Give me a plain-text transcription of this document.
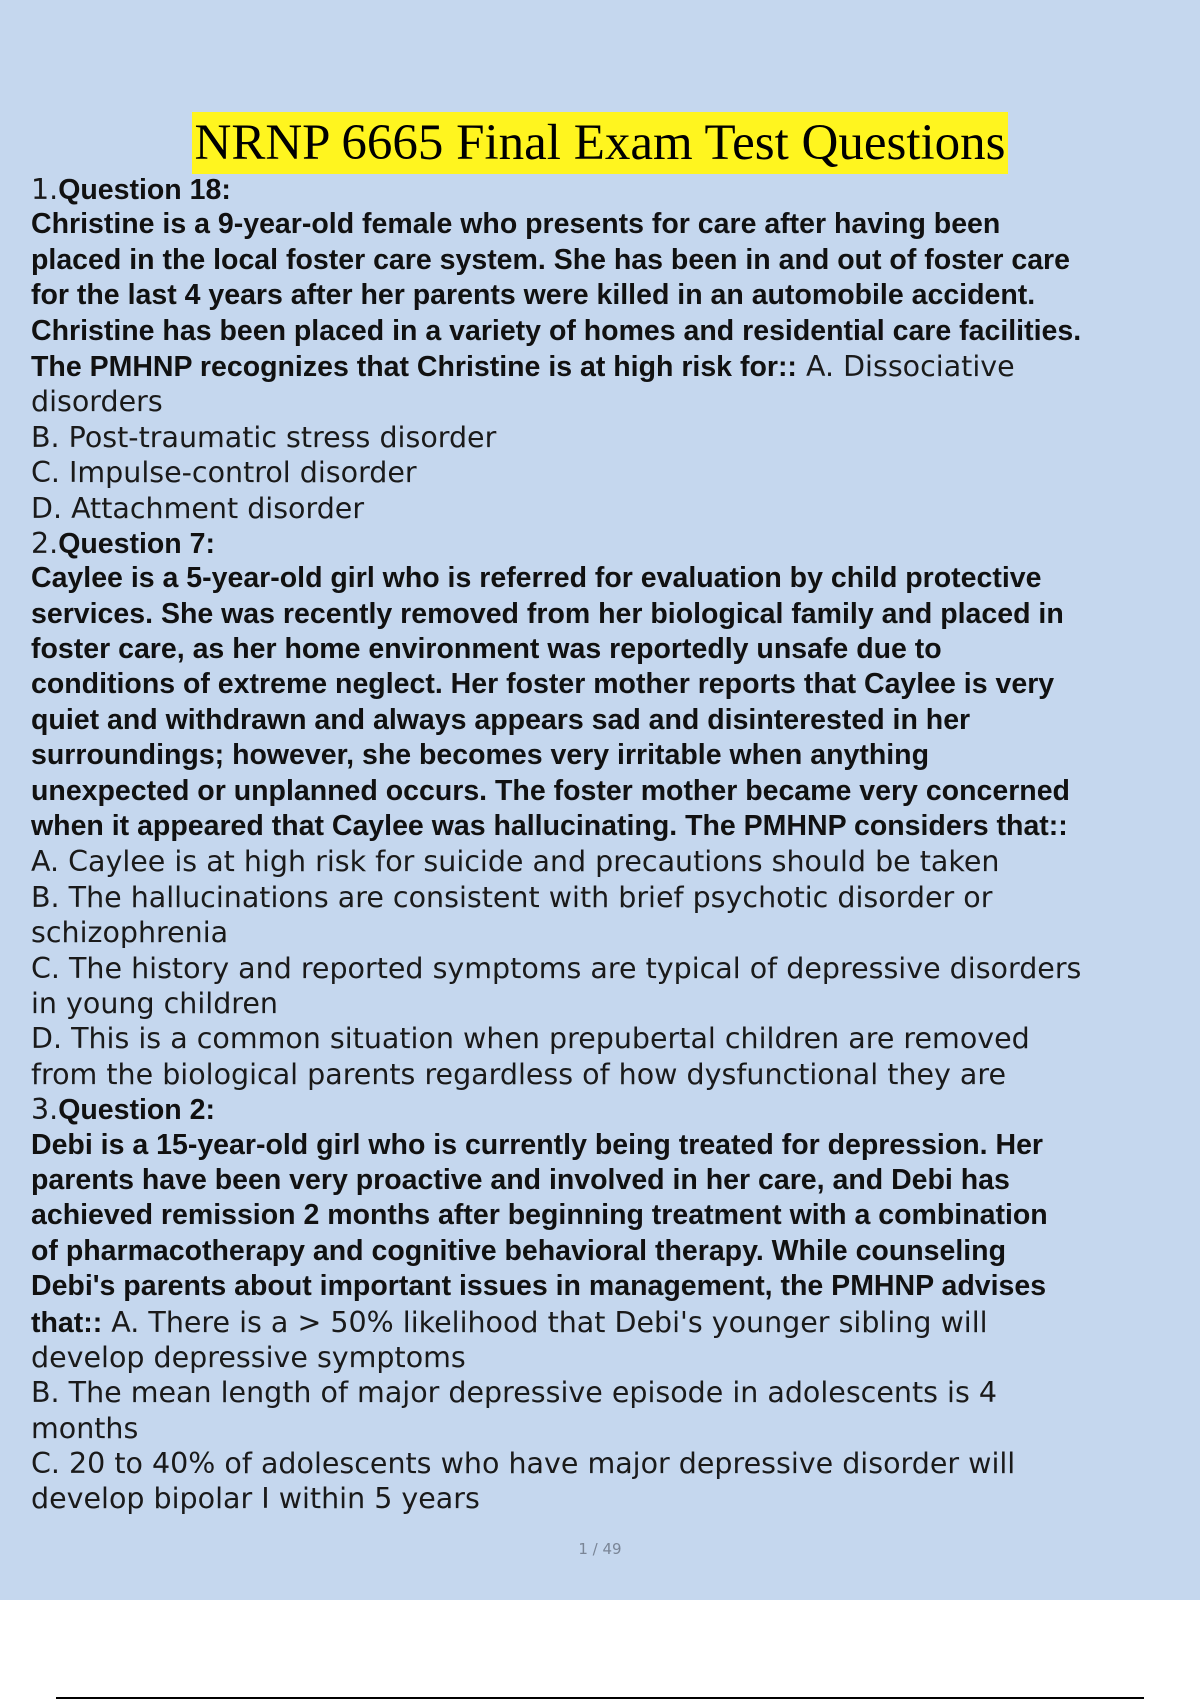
NRNP 6665 Final Exam Test Questions
1.Question 18:
Christine is a 9-year-old female who presents for care after having been
placed in the local foster care system. She has been in and out of foster care
for the last 4 years after her parents were killed in an automobile accident.
Christine has been placed in a variety of homes and residential care facilities.
The PMHNP recognizes that Christine is at high risk for:: A. Dissociative
disorders
B. Post-traumatic stress disorder
C. Impulse-control disorder
D. Attachment disorder
2.Question 7:
Caylee is a 5-year-old girl who is referred for evaluation by child protective
services. She was recently removed from her biological family and placed in
foster care, as her home environment was reportedly unsafe due to
conditions of extreme neglect. Her foster mother reports that Caylee is very
quiet and withdrawn and always appears sad and disinterested in her
surroundings; however, she becomes very irritable when anything
unexpected or unplanned occurs. The foster mother became very concerned
when it appeared that Caylee was hallucinating. The PMHNP considers that::
A. Caylee is at high risk for suicide and precautions should be taken
B. The hallucinations are consistent with brief psychotic disorder or
schizophrenia
C. The history and reported symptoms are typical of depressive disorders
in young children
D. This is a common situation when prepubertal children are removed
from the biological parents regardless of how dysfunctional they are
3.Question 2:
Debi is a 15-year-old girl who is currently being treated for depression. Her
parents have been very proactive and involved in her care, and Debi has
achieved remission 2 months after beginning treatment with a combination
of pharmacotherapy and cognitive behavioral therapy. While counseling
Debi's parents about important issues in management, the PMHNP advises
that:: A. There is a > 50% likelihood that Debi's younger sibling will
develop depressive symptoms
B. The mean length of major depressive episode in adolescents is 4
months
C. 20 to 40% of adolescents who have major depressive disorder will
develop bipolar I within 5 years
1 / 49
